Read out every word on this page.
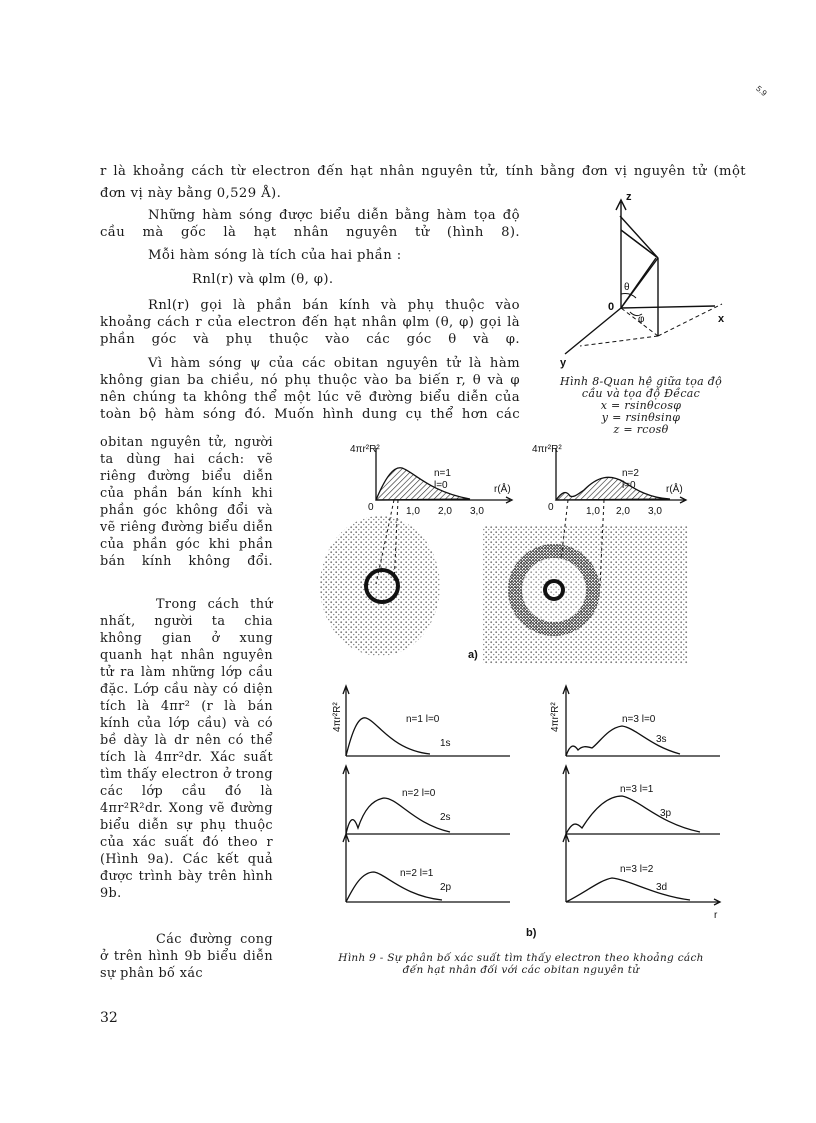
5.9

r là khoảng cách từ electron đến hạt nhân nguyên tử, tính bằng đơn vị nguyên tử (một

đơn vị này bằng 0,529 Å).

Những hàm sóng được biểu diễn bằng hàm tọa độ cầu mà gốc là hạt nhân nguyên tử (hình 8).

Mỗi hàm sóng là tích của hai phần :

Rnl(r) và φlm (θ, φ).

Rnl(r) gọi là phần bán kính và phụ thuộc vào khoảng cách r của electron đến hạt nhân φlm (θ, φ) gọi là phần góc và phụ thuộc vào các góc θ và φ.

Vì hàm sóng ψ của các obitan nguyên tử là hàm không gian ba chiều, nó phụ thuộc vào ba biến r, θ và φ nên chúng ta không thể một lúc vẽ đường biểu diễn của toàn bộ hàm sóng đó. Muốn hình dung cụ thể hơn các

obitan nguyên tử, người ta dùng hai cách: vẽ riêng đường biểu diễn của phần bán kính khi phần góc không đổi và vẽ riêng đường biểu diễn của phần góc khi phần bán kính không đổi.

Trong cách thứ nhất, người ta chia không gian ở xung quanh hạt nhân nguyên tử ra làm những lớp cầu đặc. Lớp cầu này có diện tích là 4πr² (r là bán kính của lớp cầu) và có bề dày là dr nên có thể tích là 4πr²dr. Xác suất tìm thấy electron ở trong các lớp cầu đó là 4πr²R²dr. Xong vẽ đường biểu diễn sự phụ thuộc của xác suất đó theo r (Hình 9a). Các kết quả được trình bày trên hình 9b.

Các đường cong ở trên hình 9b biểu diễn sự phân bố xác

z
x
y
0
θ
φ
Hình 8-Quan hệ giữa tọa độ
cầu và tọa độ Đềcac
x = rsinθcosφ
y = rsinθsinφ
z = rcosθ
4πr²R²
n=1
l=0	r(Å)
0	1,0 2,0 3,0
4πr²R²
n=2
l=0	r(Å)
0	1,0 2,0 3,0
a)
4πr²R²	4πr²R²
n=1 l=0
1s
n=3 l=0
3s
n=2 l=0
2s
n=3 l=1
3p
n=2 l=1
2p
n=3 l=2
3d
r
b)
Hình 9 - Sự phân bố xác suất tìm thấy electron theo khoảng cách
đến hạt nhân đối với các obitan nguyên tử
32
